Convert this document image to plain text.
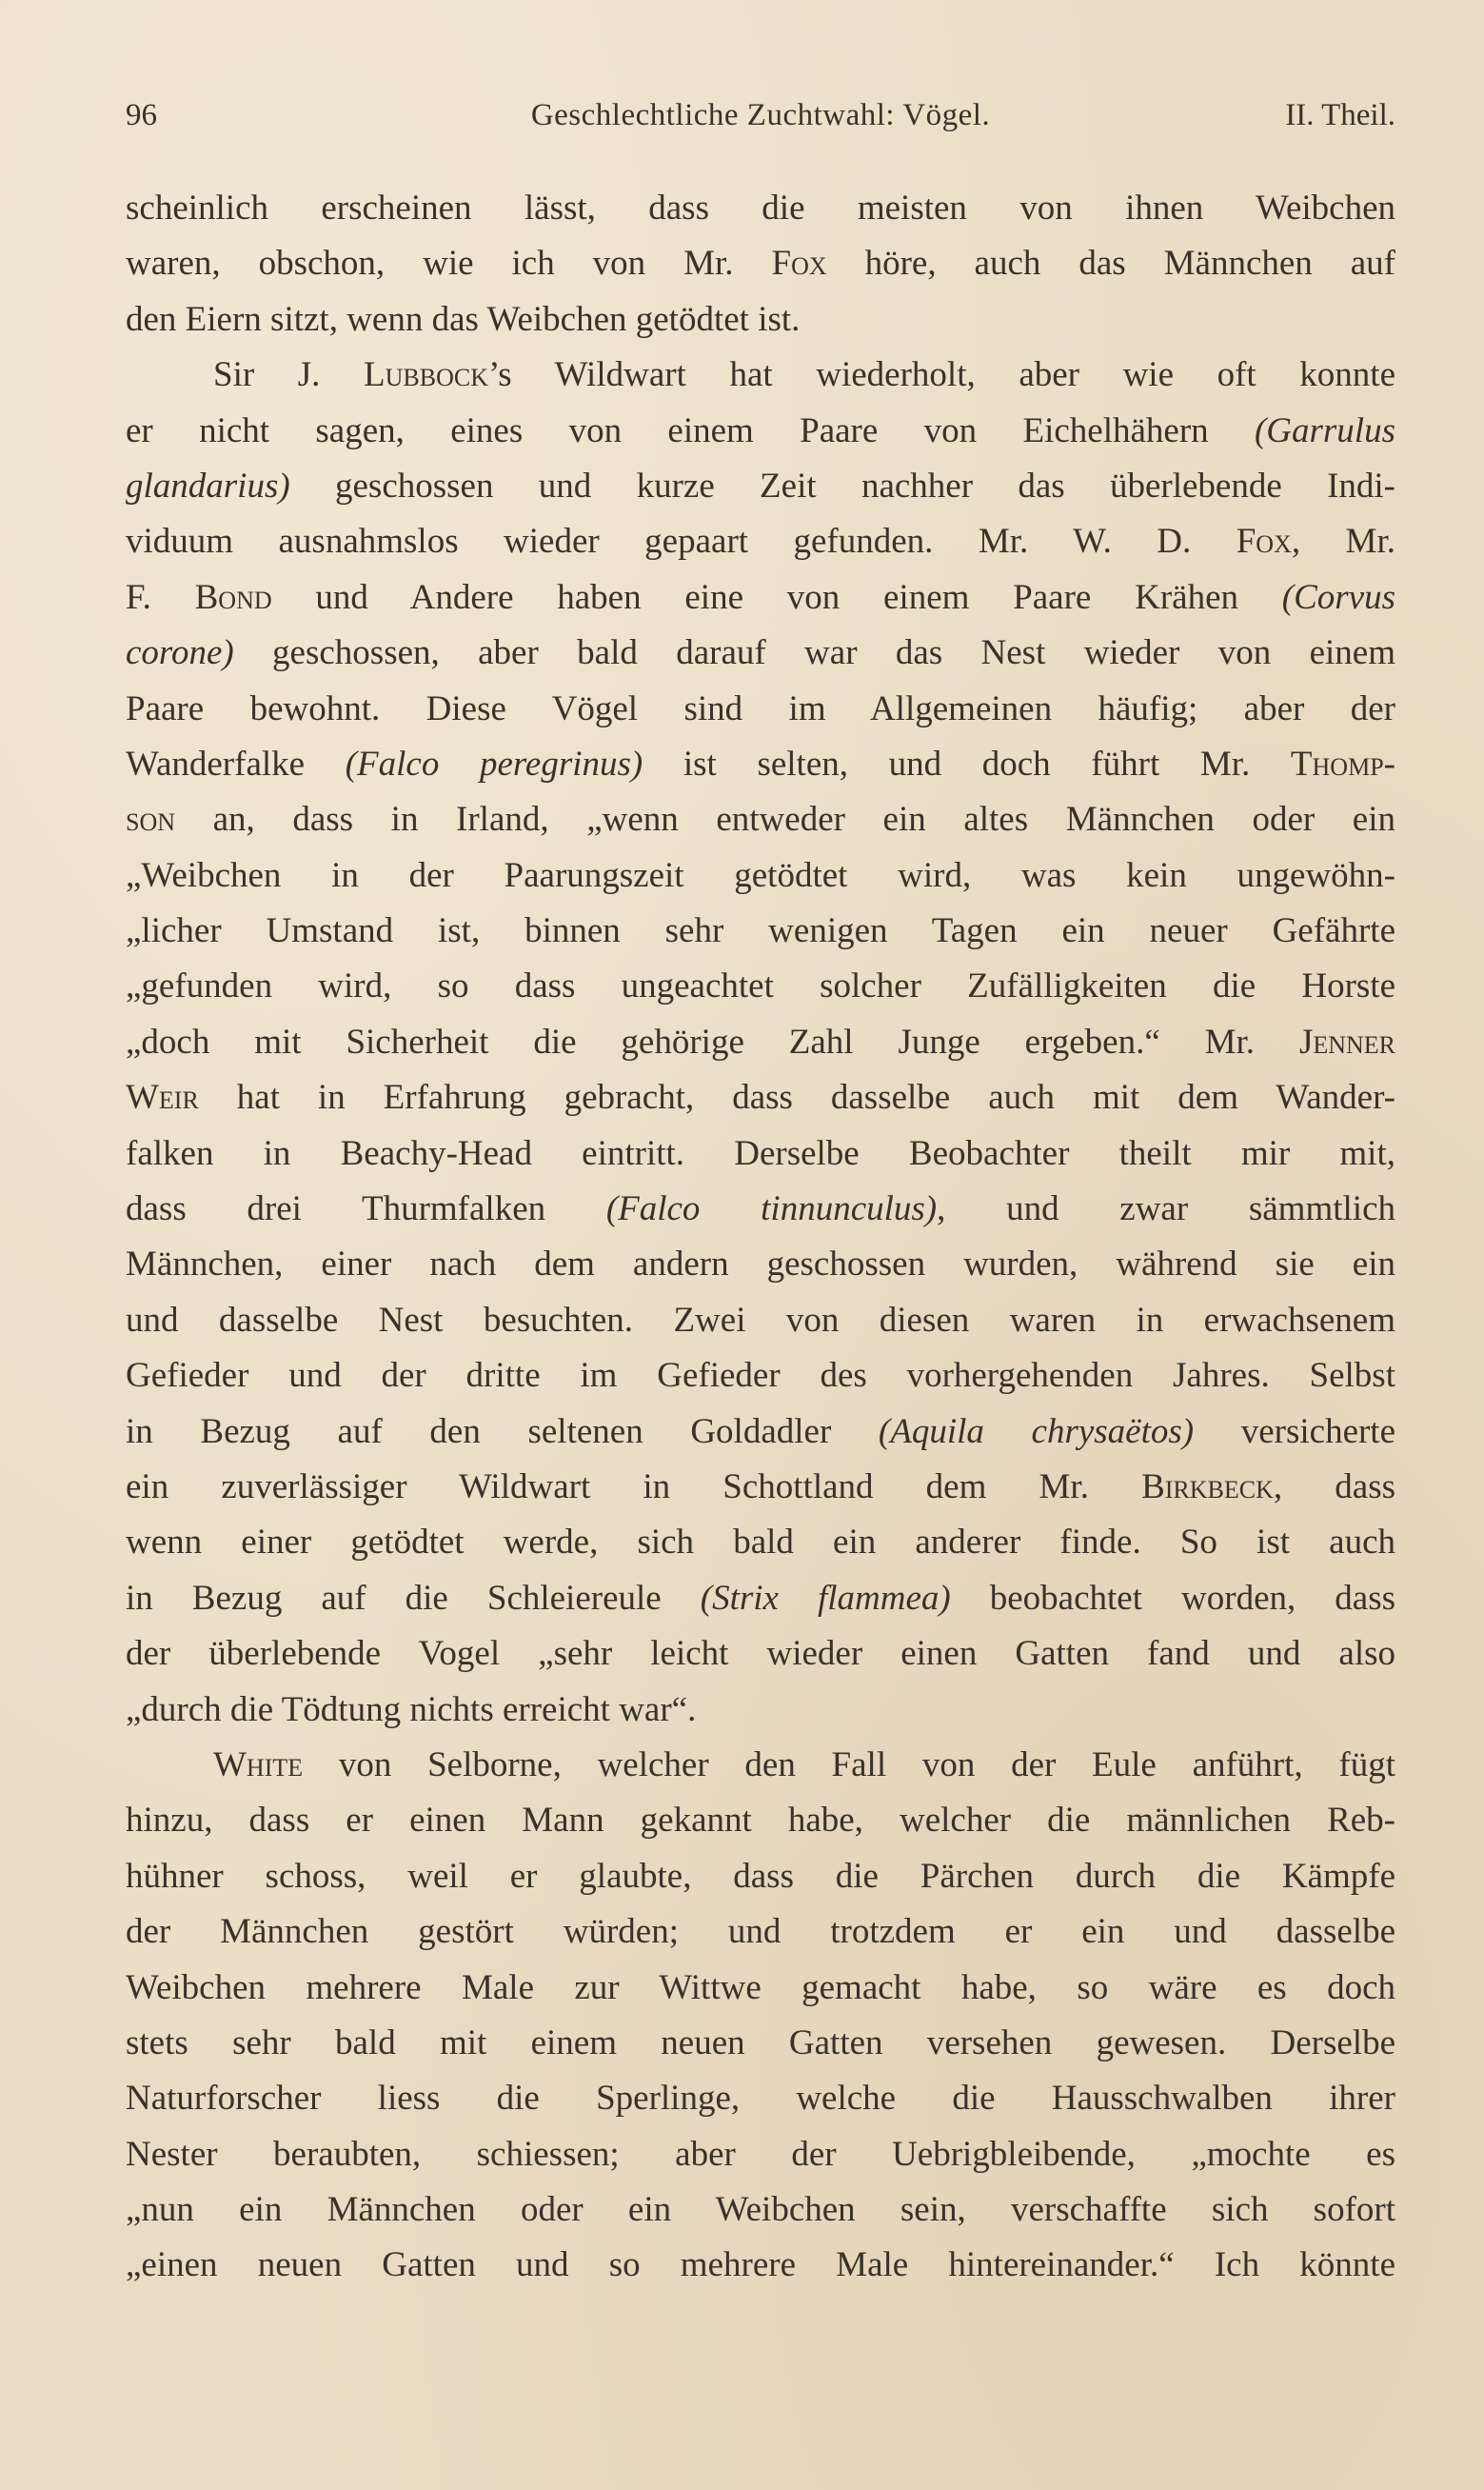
96	Geschlechtliche Zuchtwahl: Vögel.	II. Theil.
scheinlich erscheinen lässt, dass die meisten von ihnen Weibchen
waren, obschon, wie ich von Mr. Fox höre, auch das Männchen auf
den Eiern sitzt, wenn das Weibchen getödtet ist.
Sir J. Lubbock’s Wildwart hat wiederholt, aber wie oft konnte
er nicht sagen, eines von einem Paare von Eichelhähern (Garrulus
glandarius) geschossen und kurze Zeit nachher das überlebende Indi-
viduum ausnahmslos wieder gepaart gefunden. Mr. W. D. Fox, Mr.
F. Bond und Andere haben eine von einem Paare Krähen (Corvus
corone) geschossen, aber bald darauf war das Nest wieder von einem
Paare bewohnt. Diese Vögel sind im Allgemeinen häufig; aber der
Wanderfalke (Falco peregrinus) ist selten, und doch führt Mr. Thomp-
son an, dass in Irland, „wenn entweder ein altes Männchen oder ein
„Weibchen in der Paarungszeit getödtet wird, was kein ungewöhn-
„licher Umstand ist, binnen sehr wenigen Tagen ein neuer Gefährte
„gefunden wird, so dass ungeachtet solcher Zufälligkeiten die Horste
„doch mit Sicherheit die gehörige Zahl Junge ergeben.“ Mr. Jenner
Weir hat in Erfahrung gebracht, dass dasselbe auch mit dem Wander-
falken in Beachy-Head eintritt. Derselbe Beobachter theilt mir mit,
dass drei Thurmfalken (Falco tinnunculus), und zwar sämmtlich
Männchen, einer nach dem andern geschossen wurden, während sie ein
und dasselbe Nest besuchten. Zwei von diesen waren in erwachsenem
Gefieder und der dritte im Gefieder des vorhergehenden Jahres. Selbst
in Bezug auf den seltenen Goldadler (Aquila chrysaëtos) versicherte
ein zuverlässiger Wildwart in Schottland dem Mr. Birkbeck, dass
wenn einer getödtet werde, sich bald ein anderer finde. So ist auch
in Bezug auf die Schleiereule (Strix flammea) beobachtet worden, dass
der überlebende Vogel „sehr leicht wieder einen Gatten fand und also
„durch die Tödtung nichts erreicht war“.
White von Selborne, welcher den Fall von der Eule anführt, fügt
hinzu, dass er einen Mann gekannt habe, welcher die männlichen Reb-
hühner schoss, weil er glaubte, dass die Pärchen durch die Kämpfe
der Männchen gestört würden; und trotzdem er ein und dasselbe
Weibchen mehrere Male zur Wittwe gemacht habe, so wäre es doch
stets sehr bald mit einem neuen Gatten versehen gewesen. Derselbe
Naturforscher liess die Sperlinge, welche die Hausschwalben ihrer
Nester beraubten, schiessen; aber der Uebrigbleibende, „mochte es
„nun ein Männchen oder ein Weibchen sein, verschaffte sich sofort
„einen neuen Gatten und so mehrere Male hintereinander.“ Ich könnte
